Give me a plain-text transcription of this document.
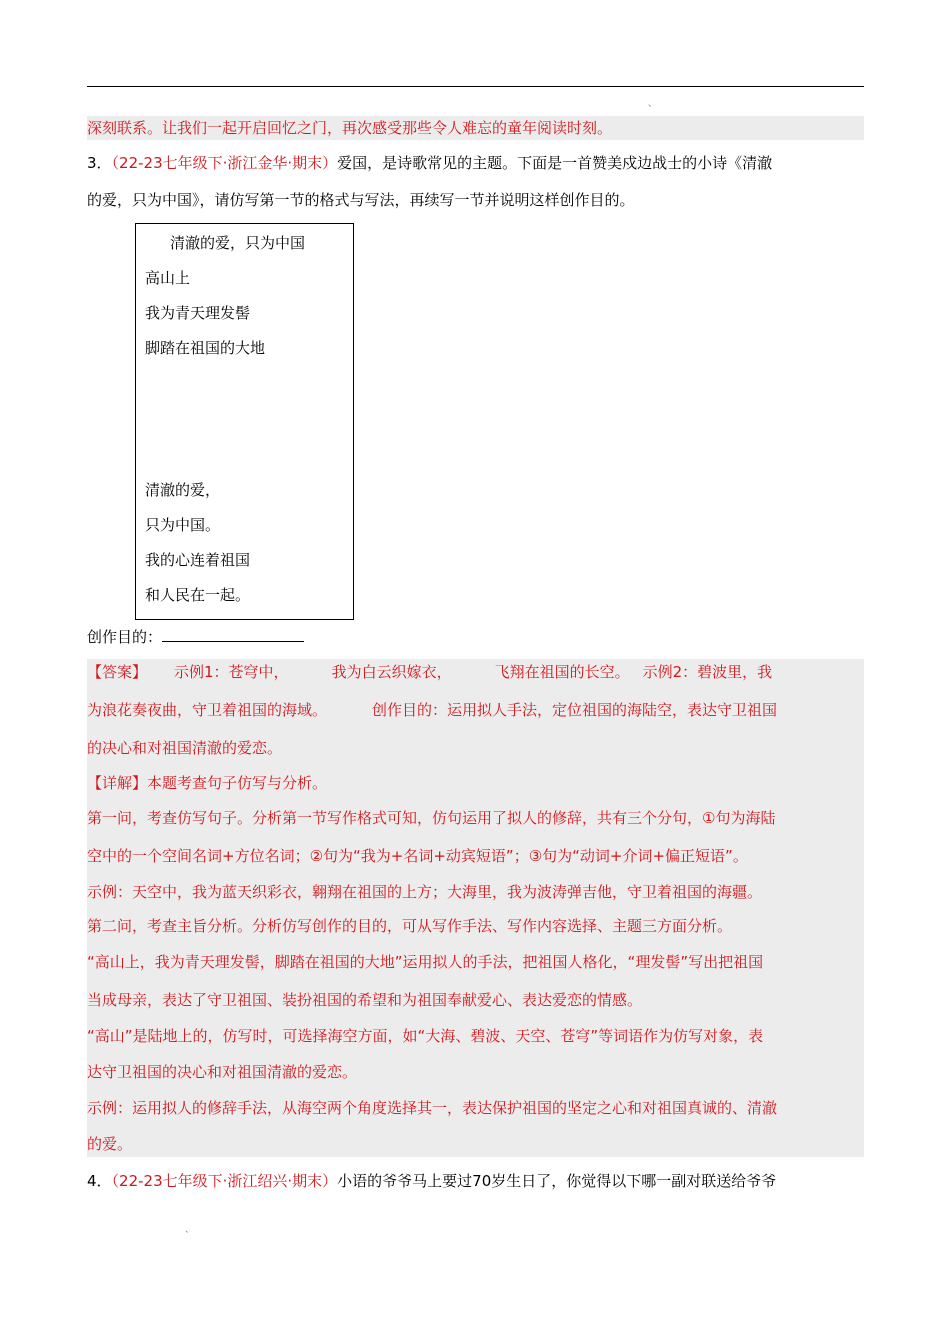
、
深刻联系。让我们一起开启回忆之门，再次感受那些令人难忘的童年阅读时刻。
3．（22-23七年级下·浙江金华·期末）爱国，是诗歌常见的主题。下面是一首赞美戍边战士的小诗《清澈
的爱，只为中国》，请仿写第一节的格式与写法，再续写一节并说明这样创作目的。
清澈的爱，只为中国
高山上
我为青天理发髻
脚踏在祖国的大地
清澈的爱，
只为中国。
我的心连着祖国
和人民在一起。
创作目的：
【答案】 示例1：苍穹中，	我为白云织嫁衣，	飞翔在祖国的长空。 示例2：碧波里，我
为浪花奏夜曲，守卫着祖国的海域。	创作目的：运用拟人手法，定位祖国的海陆空，表达守卫祖国
的决心和对祖国清澈的爱恋。
【详解】本题考查句子仿写与分析。
第一问，考查仿写句子。分析第一节写作格式可知，仿句运用了拟人的修辞，共有三个分句，①句为海陆
空中的一个空间名词+方位名词；②句为“我为+名词+动宾短语”；③句为“动词+介词+偏正短语”。
示例：天空中，我为蓝天织彩衣，翱翔在祖国的上方；大海里，我为波涛弹吉他，守卫着祖国的海疆。
第二问，考查主旨分析。分析仿写创作的目的，可从写作手法、写作内容选择、主题三方面分析。
“高山上，我为青天理发髻，脚踏在祖国的大地”运用拟人的手法，把祖国人格化，“理发髻”写出把祖国
当成母亲，表达了守卫祖国、装扮祖国的希望和为祖国奉献爱心、表达爱恋的情感。
“高山”是陆地上的，仿写时，可选择海空方面，如“大海、碧波、天空、苍穹”等词语作为仿写对象，表
达守卫祖国的决心和对祖国清澈的爱恋。
示例：运用拟人的修辞手法，从海空两个角度选择其一，表达保护祖国的坚定之心和对祖国真诚的、清澈
的爱。
4．（22-23七年级下·浙江绍兴·期末）小语的爷爷马上要过70岁生日了，你觉得以下哪一副对联送给爷爷
、
